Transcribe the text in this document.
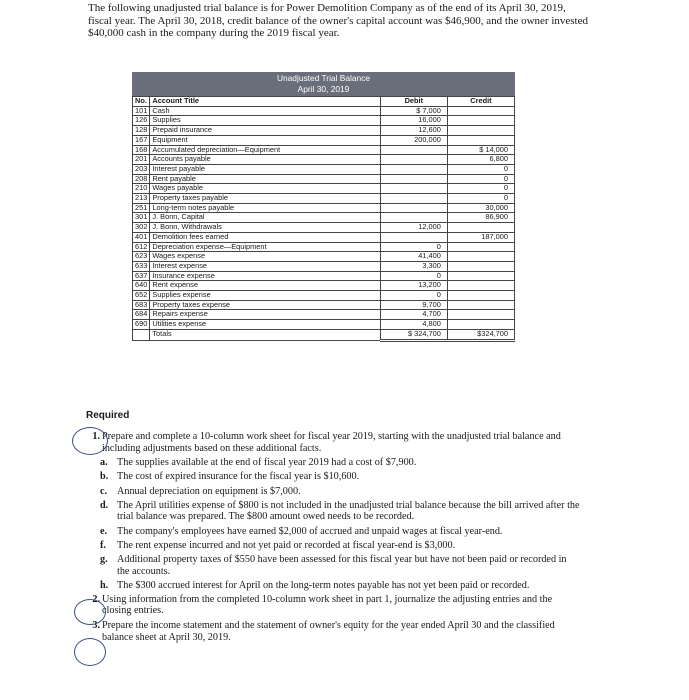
The following unadjusted trial balance is for Power Demolition Company as of the end of its April 30, 2019, fiscal year. The April 30, 2018, credit balance of the owner's capital account was $46,900, and the owner invested $40,000 cash in the company during the 2019 fiscal year.

Unadjusted Trial Balance
April 30, 2019
No.	Account Title	Debit	Credit
101	Cash	$ 7,000	
126	Supplies	16,000	
128	Prepaid insurance	12,600	
167	Equipment	200,000	
168	Accumulated depreciation—Equipment		$ 14,000
201	Accounts payable		6,800
203	Interest payable		0
208	Rent payable		0
210	Wages payable		0
213	Property taxes payable		0
251	Long-term notes payable		30,000
301	J. Bonn, Capital		86,900
302	J. Bonn, Withdrawals	12,000	
401	Demolition fees earned		187,000
612	Depreciation expense—Equipment	0	
623	Wages expense	41,400	
633	Interest expense	3,300	
637	Insurance expense	0	
640	Rent expense	13,200	
652	Supplies expense	0	
683	Property taxes expense	9,700	
684	Repairs expense	4,700	
690	Utilities expense	4,800	
	Totals	$ 324,700	$324,700
Required
1. Prepare and complete a 10-column work sheet for fiscal year 2019, starting with the unadjusted trial balance and including adjustments based on these additional facts.
a. The supplies available at the end of fiscal year 2019 had a cost of $7,900.
b. The cost of expired insurance for the fiscal year is $10,600.
c. Annual depreciation on equipment is $7,000.
d. The April utilities expense of $800 is not included in the unadjusted trial balance because the bill arrived after the trial balance was prepared. The $800 amount owed needs to be recorded.
e. The company's employees have earned $2,000 of accrued and unpaid wages at fiscal year-end.
f.	The rent expense incurred and not yet paid or recorded at fiscal year-end is $3,000.
g. Additional property taxes of $550 have been assessed for this fiscal year but have not been paid or recorded in the accounts.
h. The $300 accrued interest for April on the long-term notes payable has not yet been paid or recorded.
2. Using information from the completed 10-column work sheet in part 1, journalize the adjusting entries and the closing entries.
3. Prepare the income statement and the statement of owner's equity for the year ended April 30 and the classified balance sheet at April 30, 2019.
